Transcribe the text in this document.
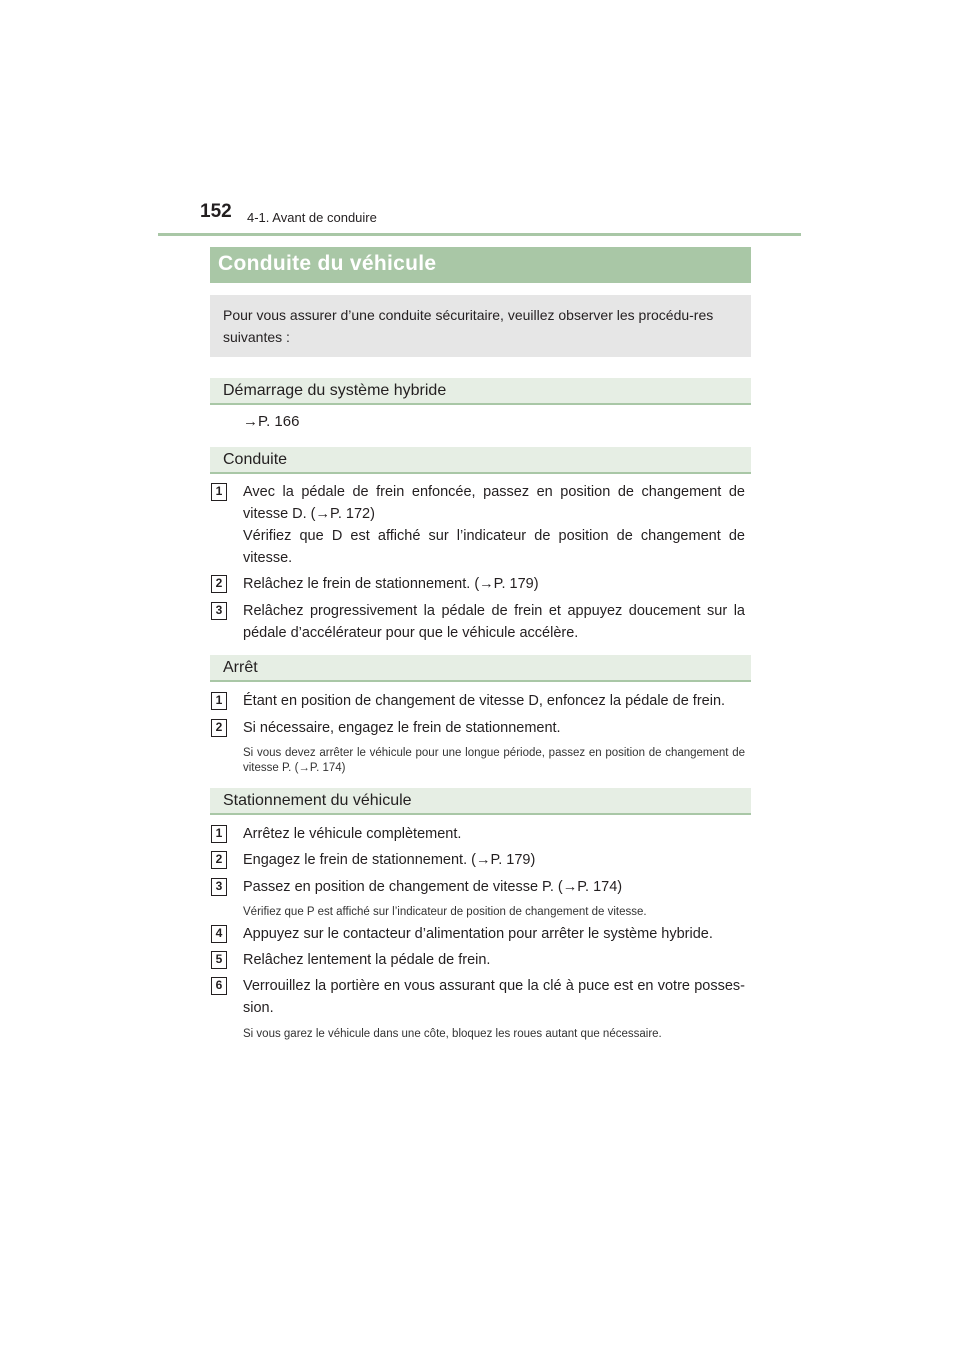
152 4-1. Avant de conduire
Conduite du véhicule
Pour vous assurer d’une conduite sécuritaire, veuillez observer les procédu-res suivantes :
Démarrage du système hybride
→P. 166
Conduite
1	Avec la pédale de frein enfoncée, passez en position de changement de vitesse D. (→P. 172)
Vérifiez que D est affiché sur l’indicateur de position de changement de vitesse.
2	Relâchez le frein de stationnement. (→P. 179)
3	Relâchez progressivement la pédale de frein et appuyez doucement sur la pédale d’accélérateur pour que le véhicule accélère.
Arrêt
1	Étant en position de changement de vitesse D, enfoncez la pédale de frein.
2	Si nécessaire, engagez le frein de stationnement.
Si vous devez arrêter le véhicule pour une longue période, passez en position de changement de vitesse P. (→P. 174)
Stationnement du véhicule
1	Arrêtez le véhicule complètement.
2	Engagez le frein de stationnement. (→P. 179)
3	Passez en position de changement de vitesse P. (→P. 174)
Vérifiez que P est affiché sur l’indicateur de position de changement de vitesse.
4	Appuyez sur le contacteur d’alimentation pour arrêter le système hybride.
5	Relâchez lentement la pédale de frein.
6	Verrouillez la portière en vous assurant que la clé à puce est en votre posses-sion.
Si vous garez le véhicule dans une côte, bloquez les roues autant que nécessaire.
